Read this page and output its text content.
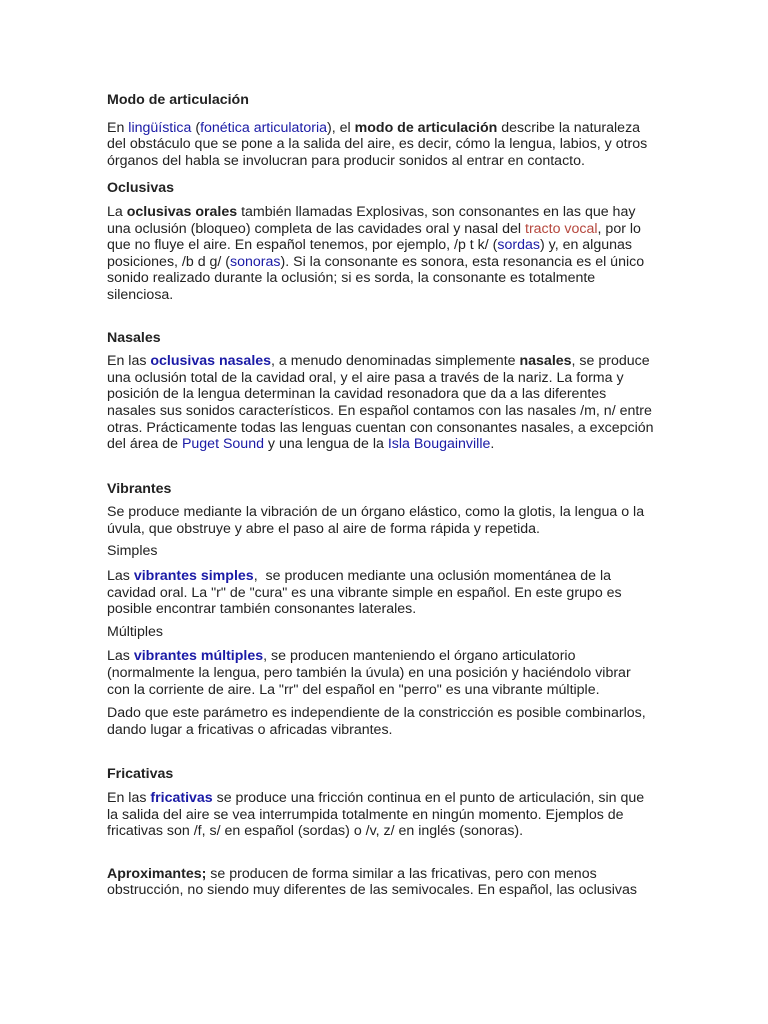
Modo de articulación

En lingüística (fonética articulatoria), el modo de articulación describe la naturaleza del obstáculo que se pone a la salida del aire, es decir, cómo la lengua, labios, y otros órganos del habla se involucran para producir sonidos al entrar en contacto.

Oclusivas

La oclusivas orales también llamadas Explosivas, son consonantes en las que hay una oclusión (bloqueo) completa de las cavidades oral y nasal del tracto vocal, por lo que no fluye el aire. En español tenemos, por ejemplo, /p t k/ (sordas) y, en algunas posiciones, /b d g/ (sonoras). Si la consonante es sonora, esta resonancia es el único sonido realizado durante la oclusión; si es sorda, la consonante es totalmente silenciosa.

Nasales

En las oclusivas nasales, a menudo denominadas simplemente nasales, se produce una oclusión total de la cavidad oral, y el aire pasa a través de la nariz. La forma y posición de la lengua determinan la cavidad resonadora que da a las diferentes nasales sus sonidos característicos. En español contamos con las nasales /m, n/ entre otras. Prácticamente todas las lenguas cuentan con consonantes nasales, a excepción del área de Puget Sound y una lengua de la Isla Bougainville.

Vibrantes

Se produce mediante la vibración de un órgano elástico, como la glotis, la lengua o la úvula, que obstruye y abre el paso al aire de forma rápida y repetida.

Simples

Las vibrantes simples,  se producen mediante una oclusión momentánea de la cavidad oral. La "r" de "cura" es una vibrante simple en español. En este grupo es posible encontrar también consonantes laterales.

Múltiples

Las vibrantes múltiples, se producen manteniendo el órgano articulatorio (normalmente la lengua, pero también la úvula) en una posición y haciéndolo vibrar con la corriente de aire. La "rr" del español en "perro" es una vibrante múltiple.

Dado que este parámetro es independiente de la constricción es posible combinarlos, dando lugar a fricativas o africadas vibrantes.

Fricativas

En las fricativas se produce una fricción continua en el punto de articulación, sin que la salida del aire se vea interrumpida totalmente en ningún momento. Ejemplos de fricativas son /f, s/ en español (sordas) o /v, z/ en inglés (sonoras).

Aproximantes; se producen de forma similar a las fricativas, pero con menos obstrucción, no siendo muy diferentes de las semivocales. En español, las oclusivas
